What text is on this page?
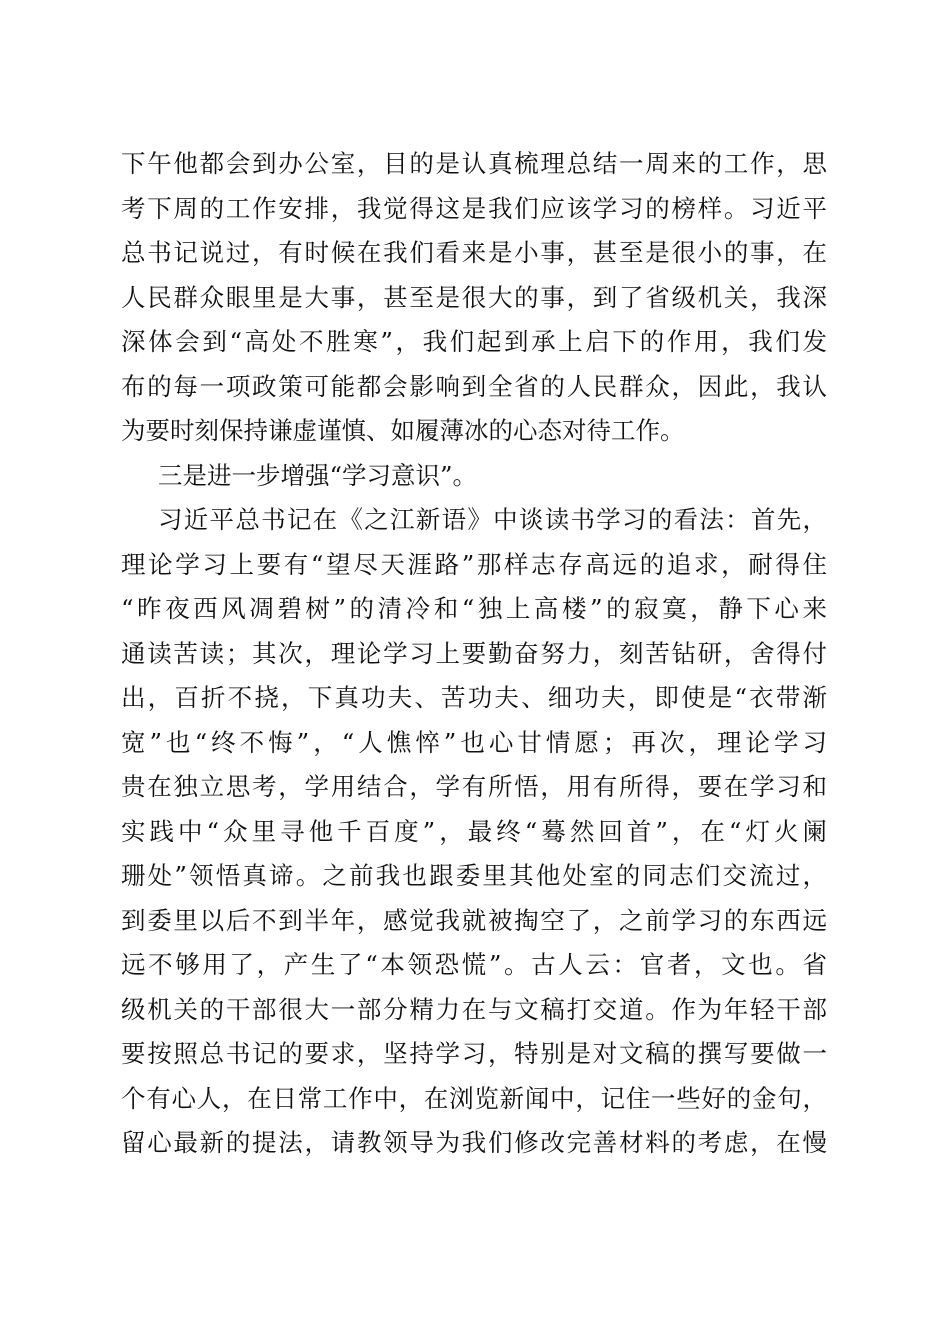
下午他都会到办公室，目的是认真梳理总结一周来的工作，思
考下周的工作安排，我觉得这是我们应该学习的榜样。习近平
总书记说过，有时候在我们看来是小事，甚至是很小的事，在
人民群众眼里是大事，甚至是很大的事，到了省级机关，我深
深体会到“高处不胜寒”，我们起到承上启下的作用，我们发
布的每一项政策可能都会影响到全省的人民群众，因此，我认
为要时刻保持谦虚谨慎、如履薄冰的心态对待工作。
三是进一步增强“学习意识”。
习近平总书记在《之江新语》中谈读书学习的看法：首先，
理论学习上要有“望尽天涯路”那样志存高远的追求，耐得住
“昨夜西风凋碧树”的清冷和“独上高楼”的寂寞，静下心来
通读苦读；其次，理论学习上要勤奋努力，刻苦钻研，舍得付
出，百折不挠，下真功夫、苦功夫、细功夫，即使是“衣带渐
宽”也“终不悔”，“人憔悴”也心甘情愿；再次，理论学习
贵在独立思考，学用结合，学有所悟，用有所得，要在学习和
实践中“众里寻他千百度”，最终“蓦然回首”，在“灯火阑
珊处”领悟真谛。之前我也跟委里其他处室的同志们交流过，
到委里以后不到半年，感觉我就被掏空了，之前学习的东西远
远不够用了，产生了“本领恐慌”。古人云：官者，文也。省
级机关的干部很大一部分精力在与文稿打交道。作为年轻干部
要按照总书记的要求，坚持学习，特别是对文稿的撰写要做一
个有心人，在日常工作中，在浏览新闻中，记住一些好的金句，
留心最新的提法，请教领导为我们修改完善材料的考虑，在慢
